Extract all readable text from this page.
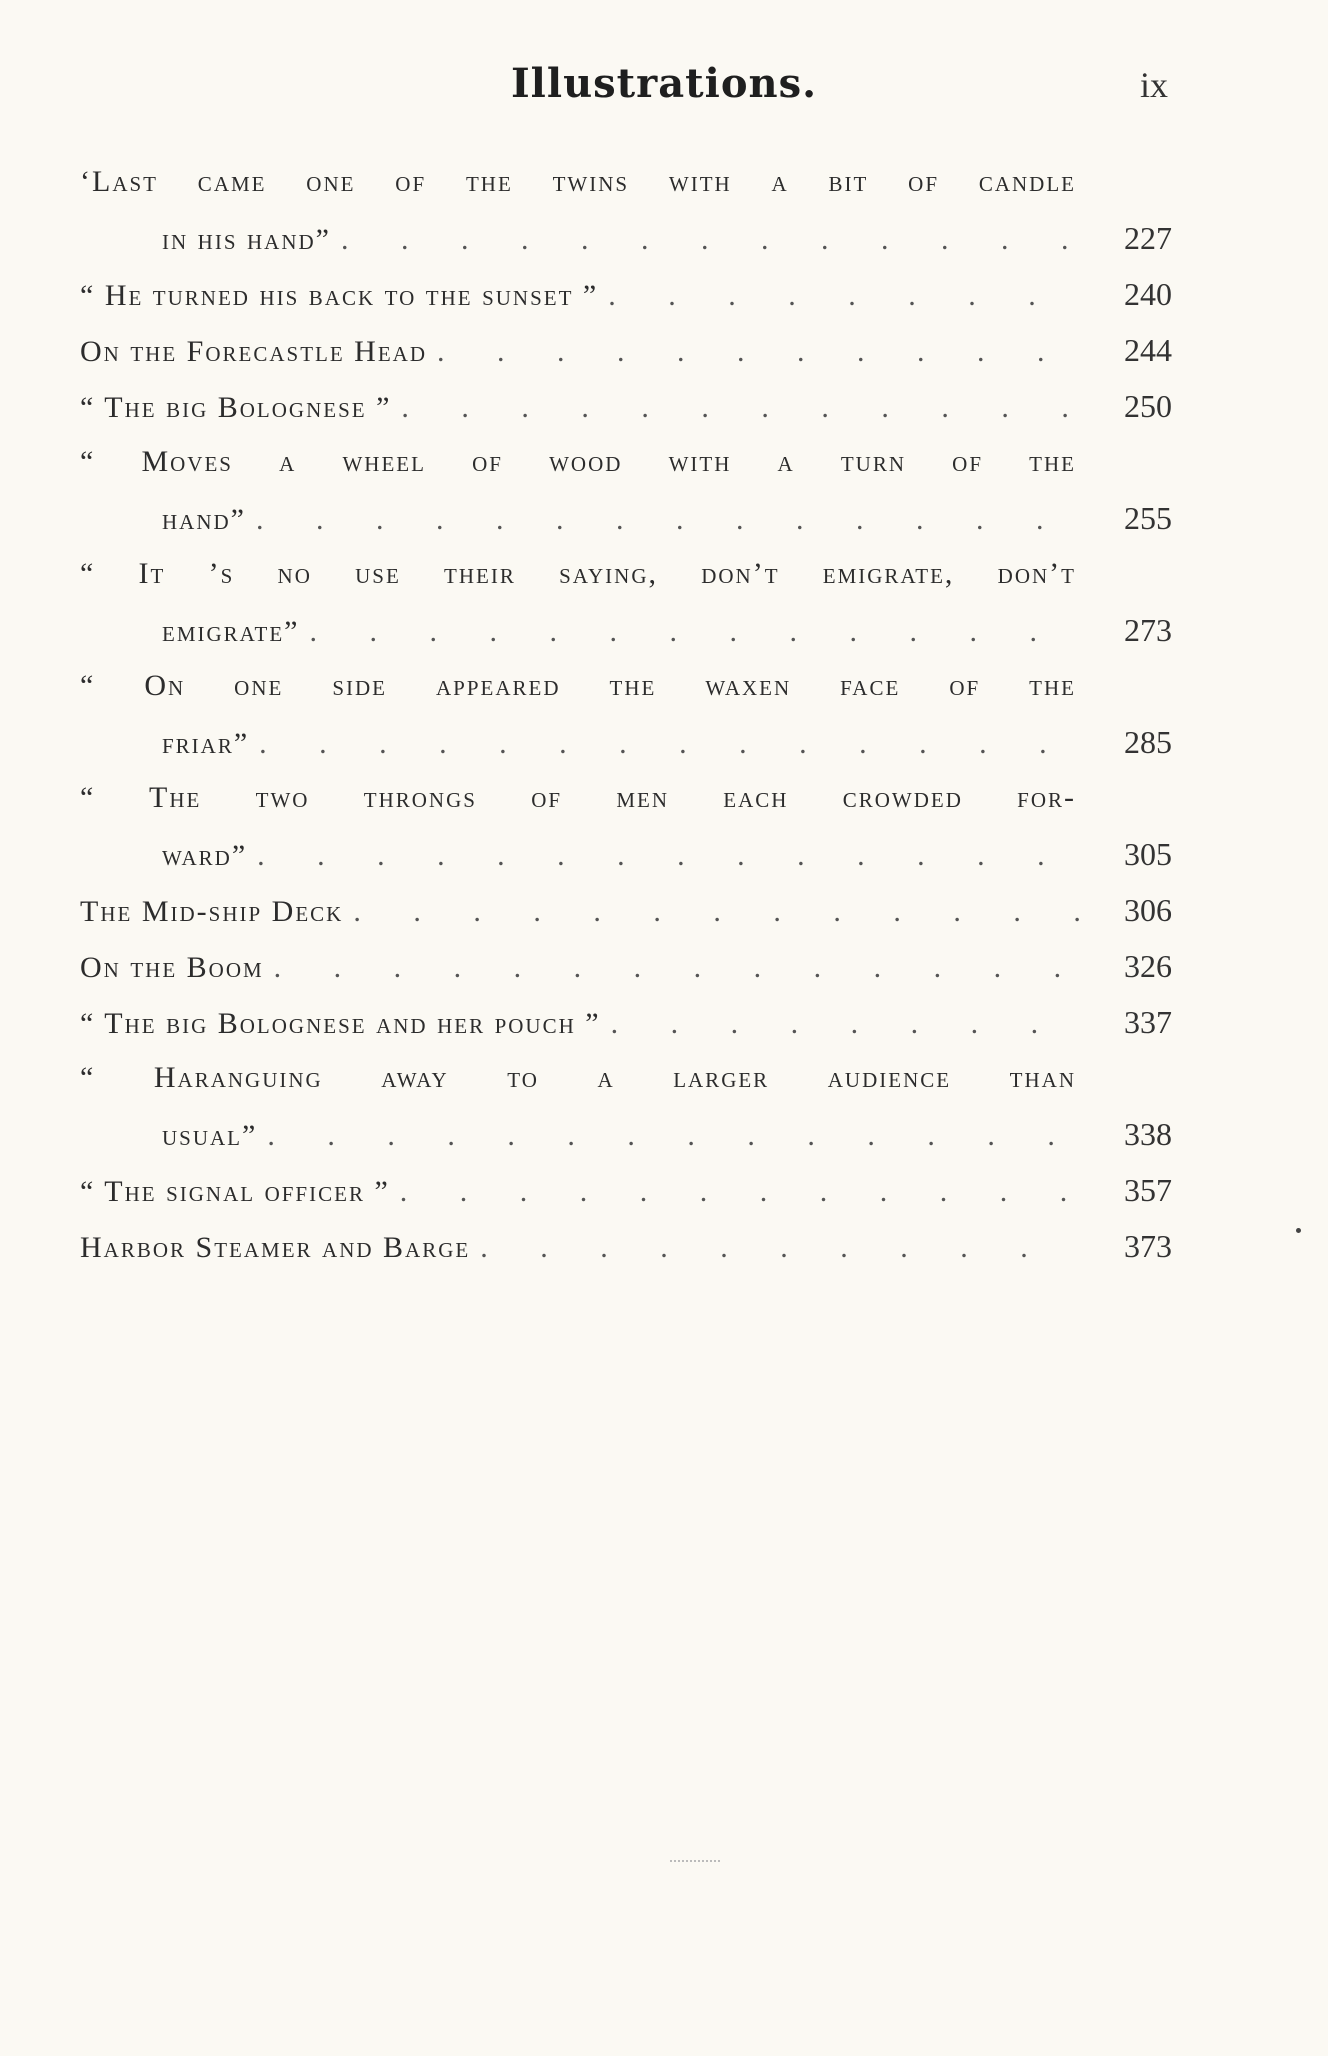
Illustrations.	ix
‘Last came one of the twins with a bit of candle
in his hand” .	227
“ He turned his back to the sunset ” .	240
On the Forecastle Head .	244
“ The big Bolognese ” .	250
“ Moves a wheel of wood with a turn of the
hand” .	255
“ It ’s no use their saying, don’t emigrate, don’t
emigrate” .	273
“ On one side appeared the waxen face of the
friar” .	285
“ The two throngs of men each crowded for-
ward” .	305
The Mid-ship Deck .	306
On the Boom .	326
“ The big Bolognese and her pouch ” .	337
“ Haranguing away to a larger audience than
usual” .	338
“ The signal officer ” .	357
Harbor Steamer and Barge .	373
